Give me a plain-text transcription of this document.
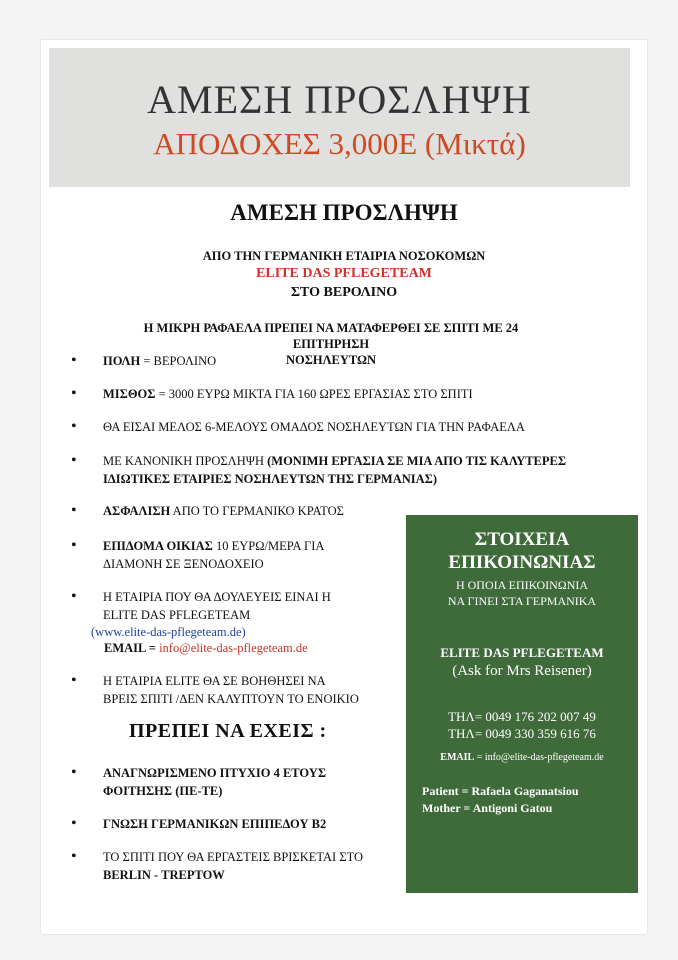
ΑΜΕΣΗ ΠΡΟΣΛΗΨΗ
ΑΠΟΔΟΧΕΣ 3,000Ε (Μικτά)
ΑΜΕΣΗ ΠΡΟΣΛΗΨΗ
ΑΠΟ ΤΗΝ ΓΕΡΜΑΝΙΚΗ ΕΤΑΙΡΙΑ ΝΟΣΟΚΟΜΩΝ
ELITE DAS PFLEGETEAM
ΣΤΟ ΒΕΡΟΛΙΝΟ
Η ΜΙΚΡΗ ΡΑΦΑΕΛΑ ΠΡΕΠΕΙ ΝΑ ΜΑΤΑΦΕΡΘΕΙ ΣΕ ΣΠΙΤΙ ΜΕ 24 ΕΠΙΤΗΡΗΣΗ
ΝΟΣΗΛΕΥΤΩΝ
• ΠΟΛΗ = ΒΕΡΟΛΙΝΟ
• ΜΙΣΘΟΣ = 3000 ΕΥΡΩ ΜΙΚΤΑ ΓΙΑ 160 ΩΡΕΣ ΕΡΓΑΣΙΑΣ ΣΤΟ ΣΠΙΤΙ
• ΘΑ ΕΙΣΑΙ ΜΕΛΟΣ 6-ΜΕΛΟΥΣ ΟΜΑΔΟΣ ΝΟΣΗΛΕΥΤΩΝ ΓΙΑ ΤΗΝ ΡΑΦΑΕΛΑ
• ΜΕ ΚΑΝΟΝΙΚΗ ΠΡΟΣΛΗΨΗ (ΜΟΝΙΜΗ ΕΡΓΑΣΙΑ ΣΕ ΜΙΑ ΑΠΟ ΤΙΣ ΚΑΛΥΤΕΡΕΣ
ΙΔΙΩΤΙΚΕΣ ΕΤΑΙΡΙΕΣ ΝΟΣΗΛΕΥΤΩΝ ΤΗΣ ΓΕΡΜΑΝΙΑΣ)
• ΑΣΦΑΛΙΣΗ ΑΠΟ ΤΟ ΓΕΡΜΑΝΙΚΟ ΚΡΑΤΟΣ
• ΕΠΙΔΟΜΑ ΟΙΚΙΑΣ 10 ΕΥΡΩ/ΜΕΡΑ ΓΙΑ
ΔΙΑΜΟΝΗ ΣΕ ΞΕΝΟΔΟΧΕΙΟ
• Η ΕΤΑΙΡΙΑ ΠΟΥ ΘΑ ΔΟΥΛΕΥΕΙΣ ΕΙΝΑΙ Η
ELITE DAS PFLEGETEAM
(www.elite-das-pflegeteam.de)
EMAIL = info@elite-das-pflegeteam.de
• Η ΕΤΑΙΡΙΑ ELITE ΘΑ ΣΕ ΒΟΗΘΗΣΕΙ ΝΑ
ΒΡΕΙΣ ΣΠΙΤΙ /ΔΕΝ ΚΑΛΥΠΤΟΥΝ ΤΟ ΕΝΟΙΚΙΟ
ΠΡΕΠΕΙ ΝΑ ΕΧΕΙΣ :
• ΑΝΑΓΝΩΡΙΣΜΕΝΟ ΠΤΥΧΙΟ 4 ΕΤΟΥΣ
ΦΟΙΤΗΣΗΣ (ΠΕ-ΤΕ)
• ΓΝΩΣΗ ΓΕΡΜΑΝΙΚΩΝ ΕΠΙΠΕΔΟΥ Β2
• ΤΟ ΣΠΙΤΙ ΠΟΥ ΘΑ ΕΡΓΑΣΤΕΙΣ ΒΡΙΣΚΕΤΑΙ ΣΤΟ
BERLIN - TREPTOW
ΣΤΟΙΧΕΙΑ
ΕΠΙΚΟΙΝΩΝΙΑΣ
Η ΟΠΟΙΑ ΕΠΙΚΟΙΝΩΝΙΑ
ΝΑ ΓΙΝΕΙ ΣΤΑ ΓΕΡΜΑΝΙΚΑ
ELITE DAS PFLEGETEAM
(Ask for Mrs Reisener)
ΤΗΛ= 0049 176 202 007 49
ΤΗΛ= 0049 330 359 616 76
EMAIL = info@elite-das-pflegeteam.de
Patient = Rafaela Gaganatsiou
Mother = Antigoni Gatou
